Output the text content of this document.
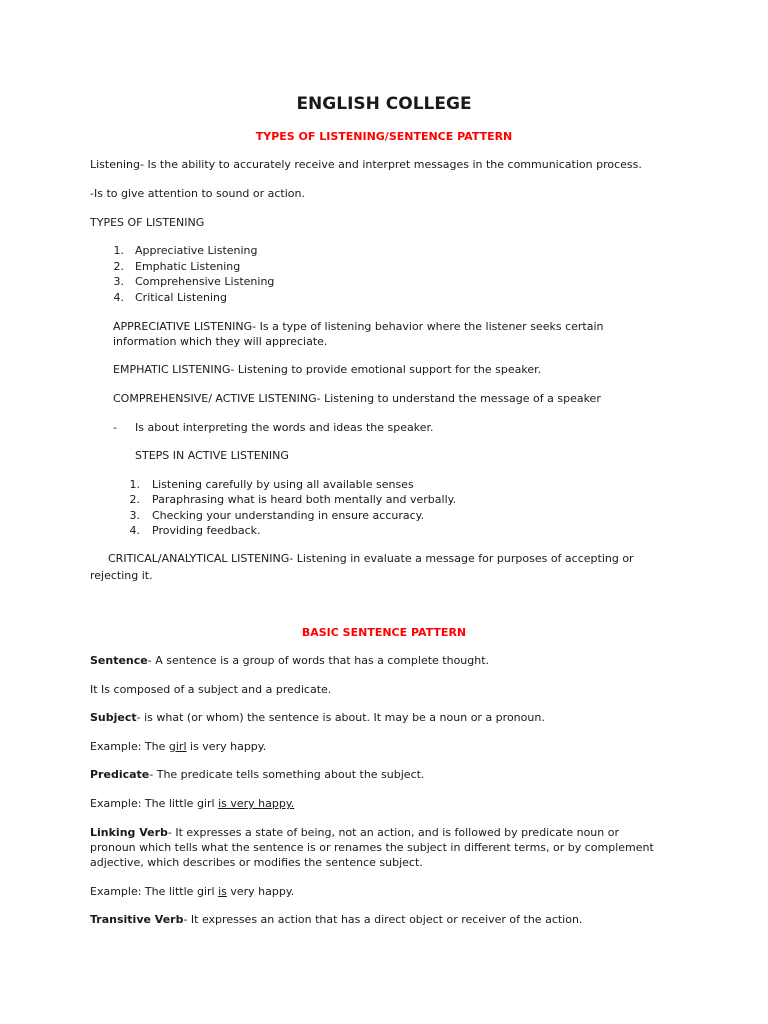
ENGLISH COLLEGE
TYPES OF LISTENING/SENTENCE PATTERN
Listening- Is the ability to accurately receive and interpret messages in the communication process.
-Is to give attention to sound or action.
TYPES OF LISTENING
1. Appreciative Listening
2. Emphatic Listening
3. Comprehensive Listening
4. Critical Listening
APPRECIATIVE LISTENING- Is a type of listening behavior where the listener seeks certain
information which they will appreciate.
EMPHATIC LISTENING- Listening to provide emotional support for the speaker.
COMPREHENSIVE/ ACTIVE LISTENING- Listening to understand the message of a speaker
- Is about interpreting the words and ideas the speaker.
STEPS IN ACTIVE LISTENING
1. Listening carefully by using all available senses
2. Paraphrasing what is heard both mentally and verbally.
3. Checking your understanding in ensure accuracy.
4. Providing feedback.
CRITICAL/ANALYTICAL LISTENING- Listening in evaluate a message for purposes of accepting or
rejecting it.
BASIC SENTENCE PATTERN
Sentence- A sentence is a group of words that has a complete thought.
It Is composed of a subject and a predicate.
Subject- is what (or whom) the sentence is about. It may be a noun or a pronoun.
Example: The girl is very happy.
Predicate- The predicate tells something about the subject.
Example: The little girl is very happy.
Linking Verb- It expresses a state of being, not an action, and is followed by predicate noun or
pronoun which tells what the sentence is or renames the subject in different terms, or by complement
adjective, which describes or modifies the sentence subject.
Example: The little girl is very happy.
Transitive Verb- It expresses an action that has a direct object or receiver of the action.
